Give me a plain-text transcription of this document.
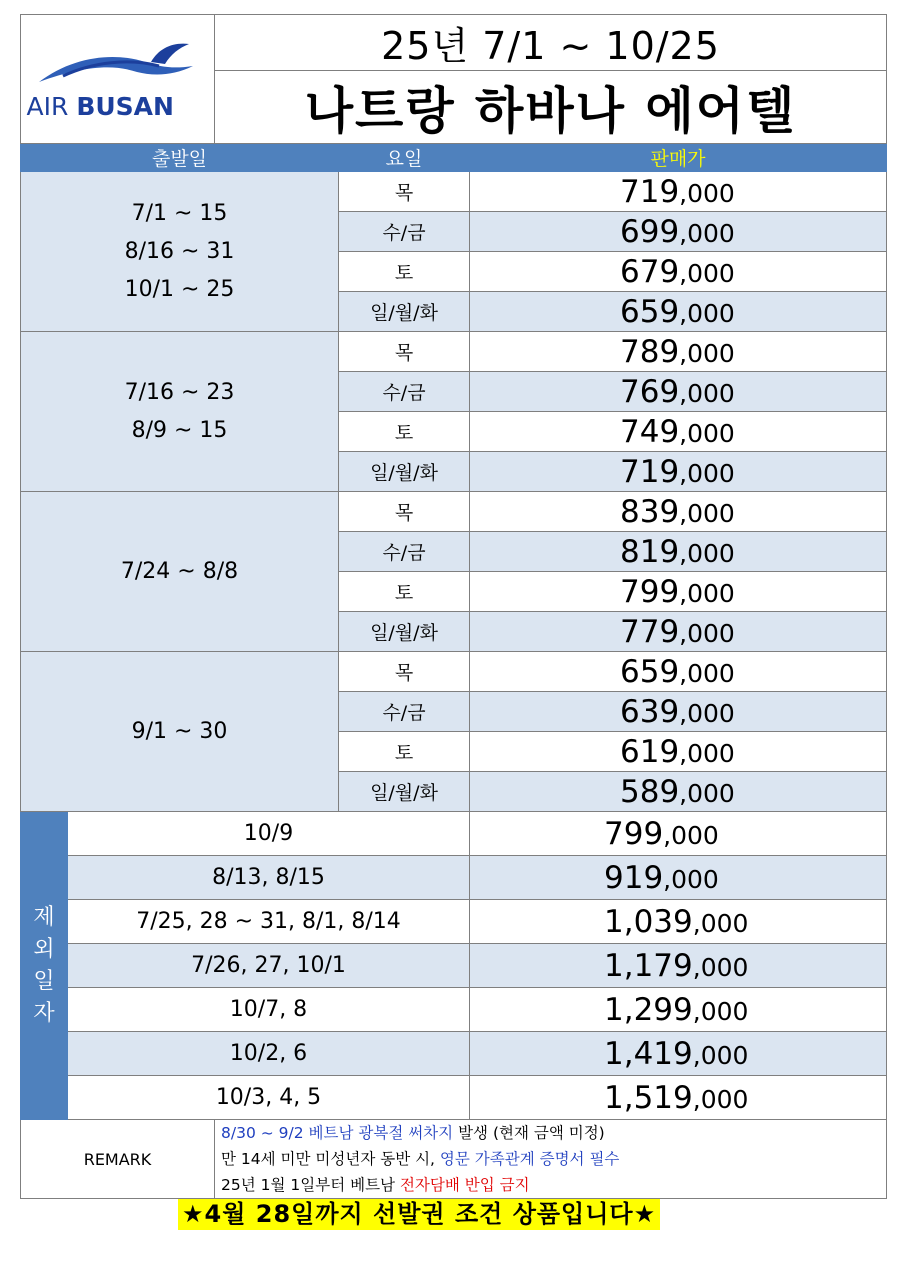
AIR BUSAN		25년 7/1 ~ 10/25		
		나트랑 하바나 에어텔		
출발일			요일	판매가

7/1 ~ 15
8/16 ~ 31
10/1 ~ 25			목	719,000
			수/금	699,000
			토	679,000
			일/월/화	659,000

7/16 ~ 23
8/9 ~ 15			목	789,000
			수/금	769,000
			토	749,000
			일/월/화	719,000

7/24 ~ 8/8			목	839,000
			수/금	819,000
			토	799,000
			일/월/화	779,000

9/1 ~ 30			목	659,000
			수/금	639,000
			토	619,000
			일/월/화	589,000

제
외
일
자	10/9			799,000
	8/13, 8/15			919,000
	7/25, 28 ~ 31, 8/1, 8/14			1,039,000
	7/26, 27, 10/1			1,179,000
	10/7, 8			1,299,000
	10/2, 6			1,419,000
	10/3, 4, 5			1,519,000
REMARK		8/30 ~ 9/2 베트남 광복절 써차지 발생 (현재 금액 미정)
만 14세 미만 미성년자 동반 시, 영문 가족관계 증명서 필수
25년 1월 1일부터 베트남 전자담배 반입 금지		
★4월 28일까지 선발권 조건 상품입니다★
